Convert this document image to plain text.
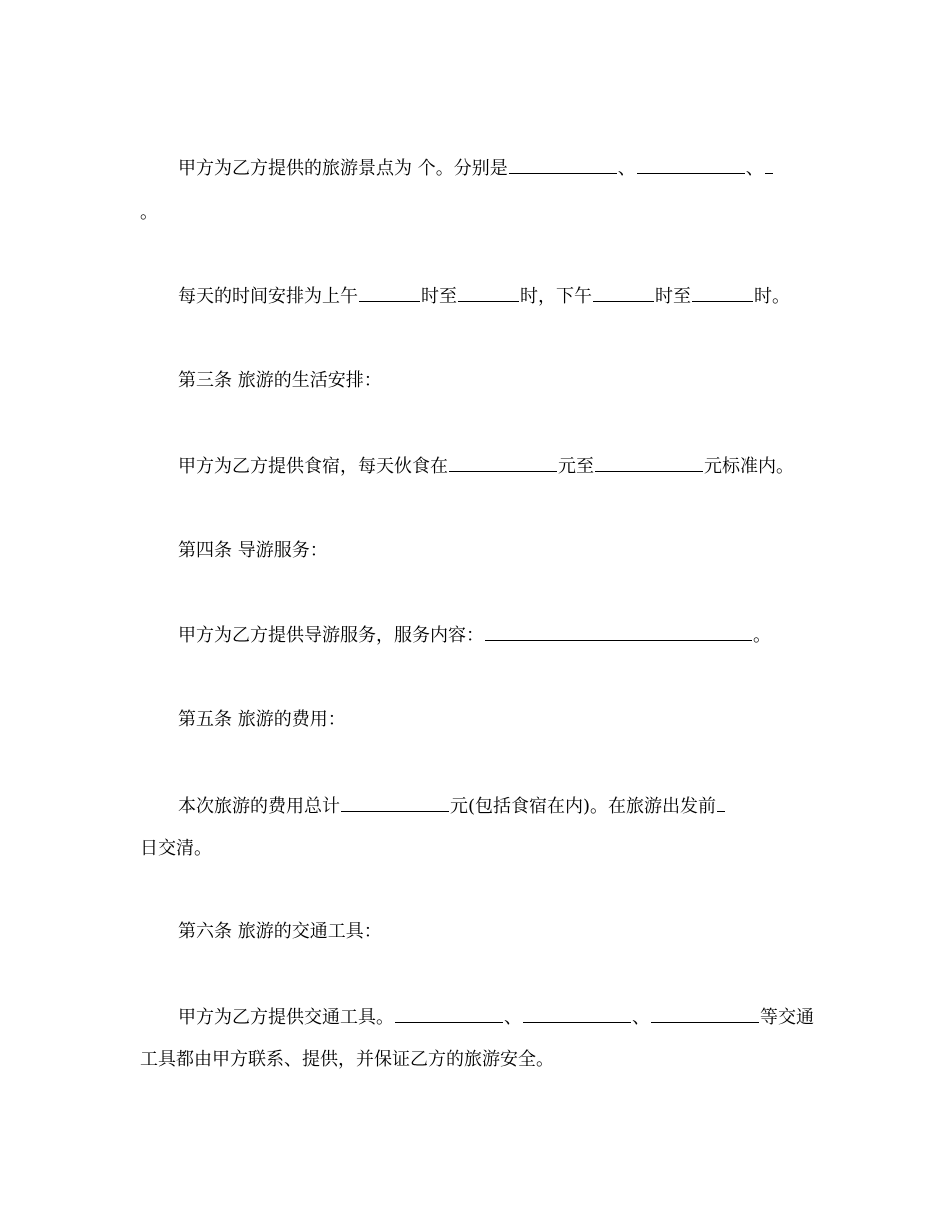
甲方为乙方提供的旅游景点为 个。分别是	、	、
。
每天的时间安排为上午	时至	时，下午	时至	时。
第三条 旅游的生活安排：
甲方为乙方提供食宿，每天伙食在	元至	元标准内。
第四条 导游服务：
甲方为乙方提供导游服务，服务内容：	。
第五条 旅游的费用：
本次旅游的费用总计	元(包括食宿在内)。在旅游出发前
日交清。
第六条 旅游的交通工具：
甲方为乙方提供交通工具。	、	、	等交通
工具都由甲方联系、提供，并保证乙方的旅游安全。
